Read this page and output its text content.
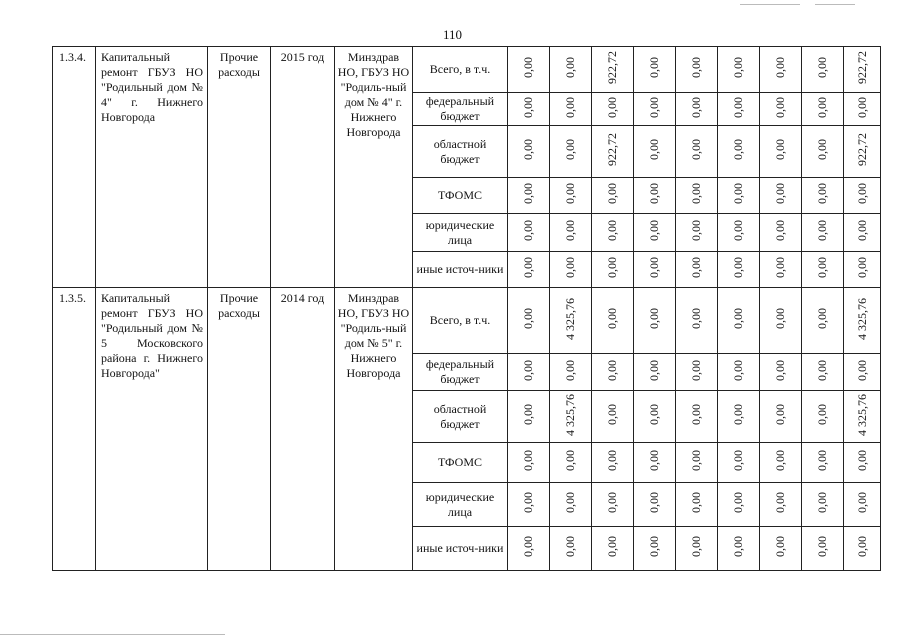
110
1.3.4.	Капитальный ремонт ГБУЗ НО "Родильный дом № 4" г. Нижнего Новгорода	Прочие расходы	2015 год	Минздрав НО, ГБУЗ НО "Родиль-ный дом № 4" г. Нижнего Новгорода	Всего, в т.ч.	0,00	0,00	922,72	0,00	0,00	0,00	0,00	0,00	922,72
					федеральный бюджет	0,00	0,00	0,00	0,00	0,00	0,00	0,00	0,00	0,00
					областной бюджет	0,00	0,00	922,72	0,00	0,00	0,00	0,00	0,00	922,72
					ТФОМС	0,00	0,00	0,00	0,00	0,00	0,00	0,00	0,00	0,00
					юридические лица	0,00	0,00	0,00	0,00	0,00	0,00	0,00	0,00	0,00
					иные источ-ники	0,00	0,00	0,00	0,00	0,00	0,00	0,00	0,00	0,00
1.3.5.	Капитальный ремонт ГБУЗ НО "Родильный дом № 5 Московского района г. Нижнего Новгорода"	Прочие расходы	2014 год	Минздрав НО, ГБУЗ НО "Родиль-ный дом № 5" г. Нижнего Новгорода	Всего, в т.ч.	0,00	4 325,76	0,00	0,00	0,00	0,00	0,00	0,00	4 325,76
					федеральный бюджет	0,00	0,00	0,00	0,00	0,00	0,00	0,00	0,00	0,00
					областной бюджет	0,00	4 325,76	0,00	0,00	0,00	0,00	0,00	0,00	4 325,76
					ТФОМС	0,00	0,00	0,00	0,00	0,00	0,00	0,00	0,00	0,00
					юридические лица	0,00	0,00	0,00	0,00	0,00	0,00	0,00	0,00	0,00
					иные источ-ники	0,00	0,00	0,00	0,00	0,00	0,00	0,00	0,00	0,00
